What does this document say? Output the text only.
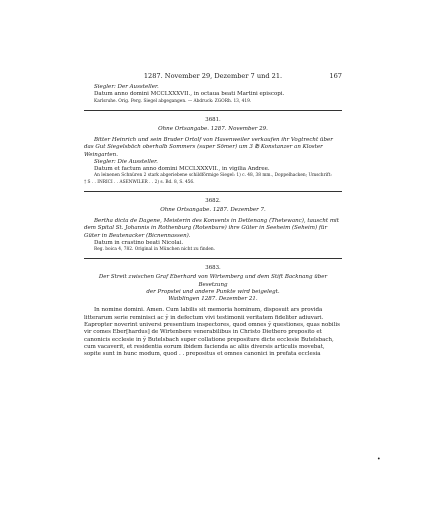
1287. November 29, Dezember 7 und 21.	167

Siegler: Der Aussteller.

Datum anno domini MCCLXXXVII., in octaua beati Martini episcopi.

Karlsruhe. Orig. Perg. Siegel abgegangen. — Abdruck: ZGORh. 13, 419.

3681.

Ohne Ortsangabe. 1287. November 29.

Bitter Heinrich und sein Bruder Ortolf von Hasenweiler verkaufen ihr Vogtrecht über

das Gut Siegelsbāch oberhalb Sommers (super Sōmer) um 3 ℔ Konstanzer an Kloster

Weingarten.

Siegler: Die Aussteller.

Datum et factum anno domini MCCLXXXVII., in vigilia Andree.

An leinenen Schnüren 2 stark abgeriebene schildförmige Siegel: 1) c. 48, 38 mm., Doppelhacken; Umschrift:

† S . . INRICI . . ASENWILER . . 2) s. Bd. 8, S. 456.

3682.

Ohne Ortsangabe. 1287. Dezember 7.

Bertha dicta de Dagene, Meisterin des Konvents in Dettenang (Thetewanc), tauscht mit

dem Spital St. Johannis in Rothenburg (Rotenbure) ihre Güter in Seeheim (Seheim) für

Güter in Beutenacker (Bicnennassen).

Datum in crastino beati Nicolai.

Reg. boica 4, 782. Original in München nicht zu finden.

3683.

Der Streit zwischen Graf Eberhard von Wirtemberg und dem Stift Backnang über Besetzung

der Propstei und andere Punkte wird beigelegt.

Waiblingen 1287. Dezember 21.

In nomine domini. Amen. Cum labilis sit memoria hominum, disposuit ars provida

litterarum serie reminisci ac ỹ in defectum vivi testimonii veritatem fideliter adiuvari.

Eapropter noverint universi presentium inspectores, quod omnes ỹ questiones, quas nobilis

vir comes Eber[hardus] de Wirtenbere venerabilibus in Christo Diethero preposito et

canonicis ecclesie in ỹ Butelsbach super collatione prepositure dicte ecclesie Butelsbach,

cum vacaverit, et residentia eorum ibidem facienda ac aliis diversis articulis movebat,

sopite sunt in hunc modum, quod . . prepositus et omnes canonici in prefata ecclesia

•
